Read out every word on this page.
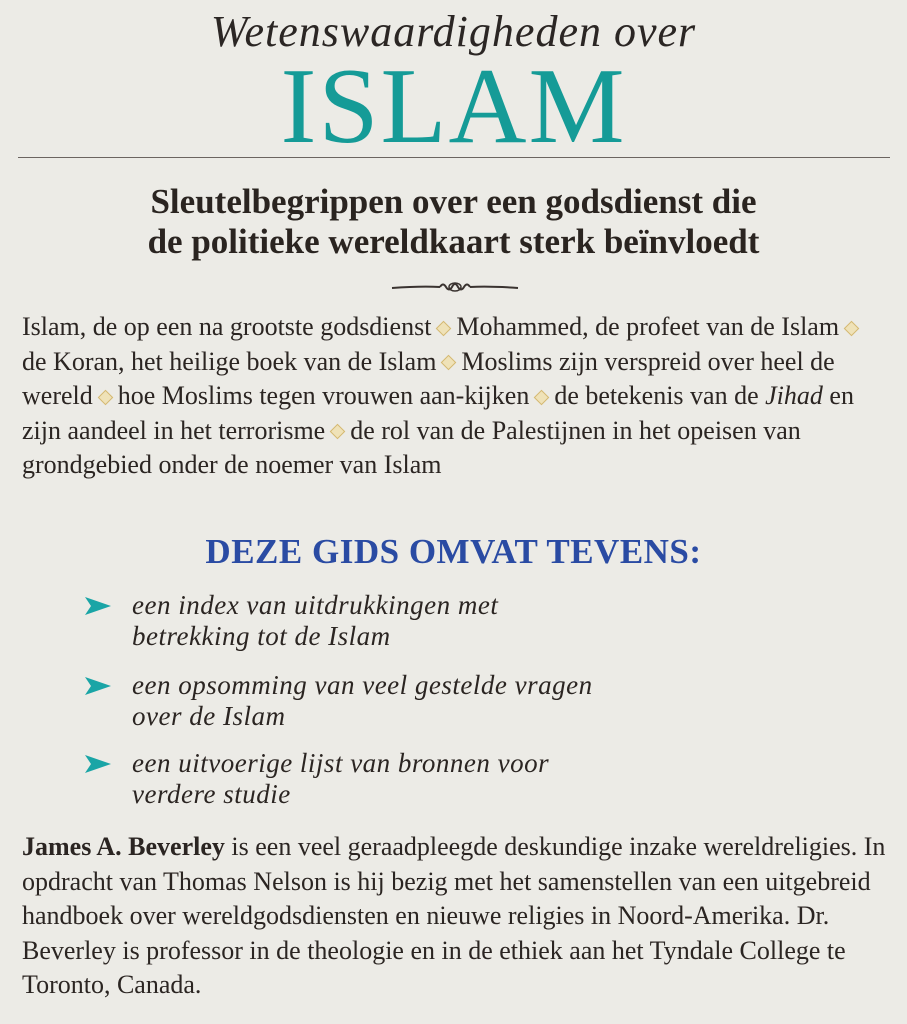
Wetenswaardigheden over
ISLAM
Sleutelbegrippen over een godsdienst die
de politieke wereldkaart sterk beïnvloedt
Islam, de op een na grootste godsdienst Mohammed, de profeet van de Islamde Koran, het heilige boek van de Islam Moslims zijn verspreid over heel de wereld hoe Moslims tegen vrouwen aan-kijken de betekenis van de Jihad en zijn aandeel in het terrorisme de rol van de Palestijnen in het opeisen van grondgebied onder de noemer van Islam
DEZE GIDS OMVAT TEVENS:
een index van uitdrukkingen met
betrekking tot de Islam
een opsomming van veel gestelde vragen
over de Islam
een uitvoerige lijst van bronnen voor
verdere studie
James A. Beverley is een veel geraadpleegde deskundige inzake wereldreligies. In opdracht van Thomas Nelson is hij bezig met het samenstellen van een uitgebreid handboek over wereldgodsdiensten en nieuwe religies in Noord-Amerika. Dr. Beverley is professor in de theologie en in de ethiek aan het Tyndale College te Toronto, Canada.
